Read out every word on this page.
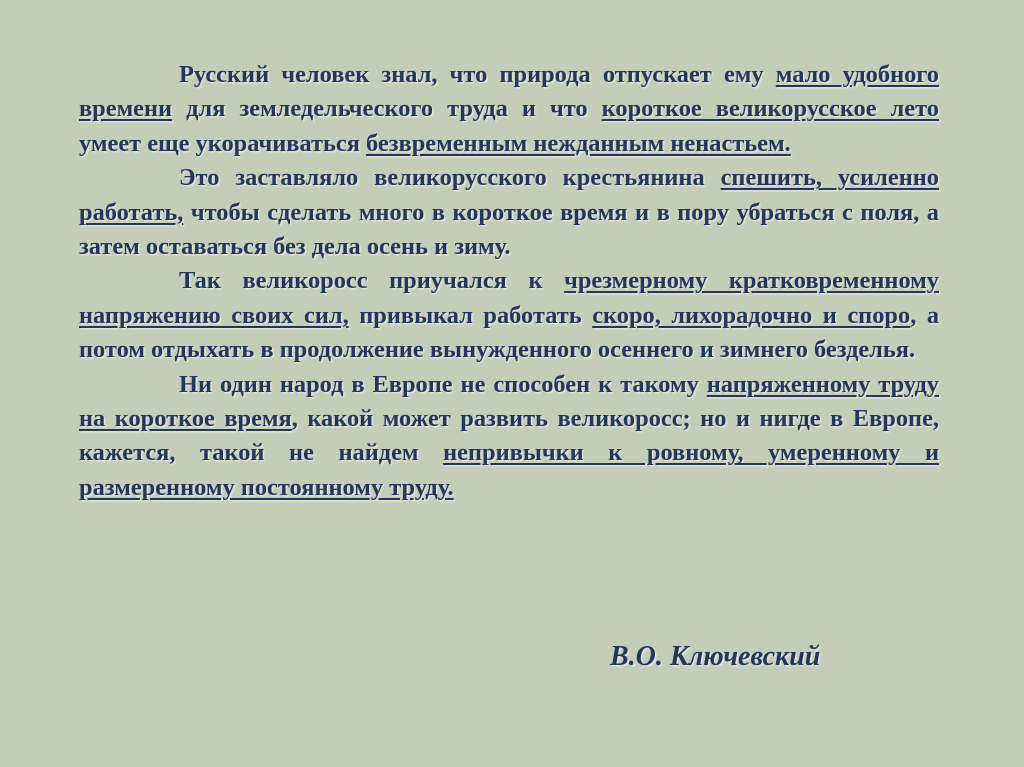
Русский человек знал, что природа отпускает ему мало удобного времени для земледельческого труда и что короткое великорусское лето умеет еще укорачиваться безвременным нежданным ненастьем.

Это заставляло великорусского крестьянина спешить, усиленно работать, чтобы сделать много в короткое время и в пору убраться с поля, а затем оставаться без дела осень и зиму.

Так великоросс приучался к чрезмерному кратковременному напряжению своих сил, привыкал работать скоро, лихорадочно и споро, а потом отдыхать в продолжение вынужденного осеннего и зимнего безделья.

Ни один народ в Европе не способен к такому напряженному труду на короткое время, какой может развить великоросс; но и нигде в Европе, кажется, такой не найдем непривычки к ровному, умеренному и размеренному постоянному труду.

В.О. Ключевский
